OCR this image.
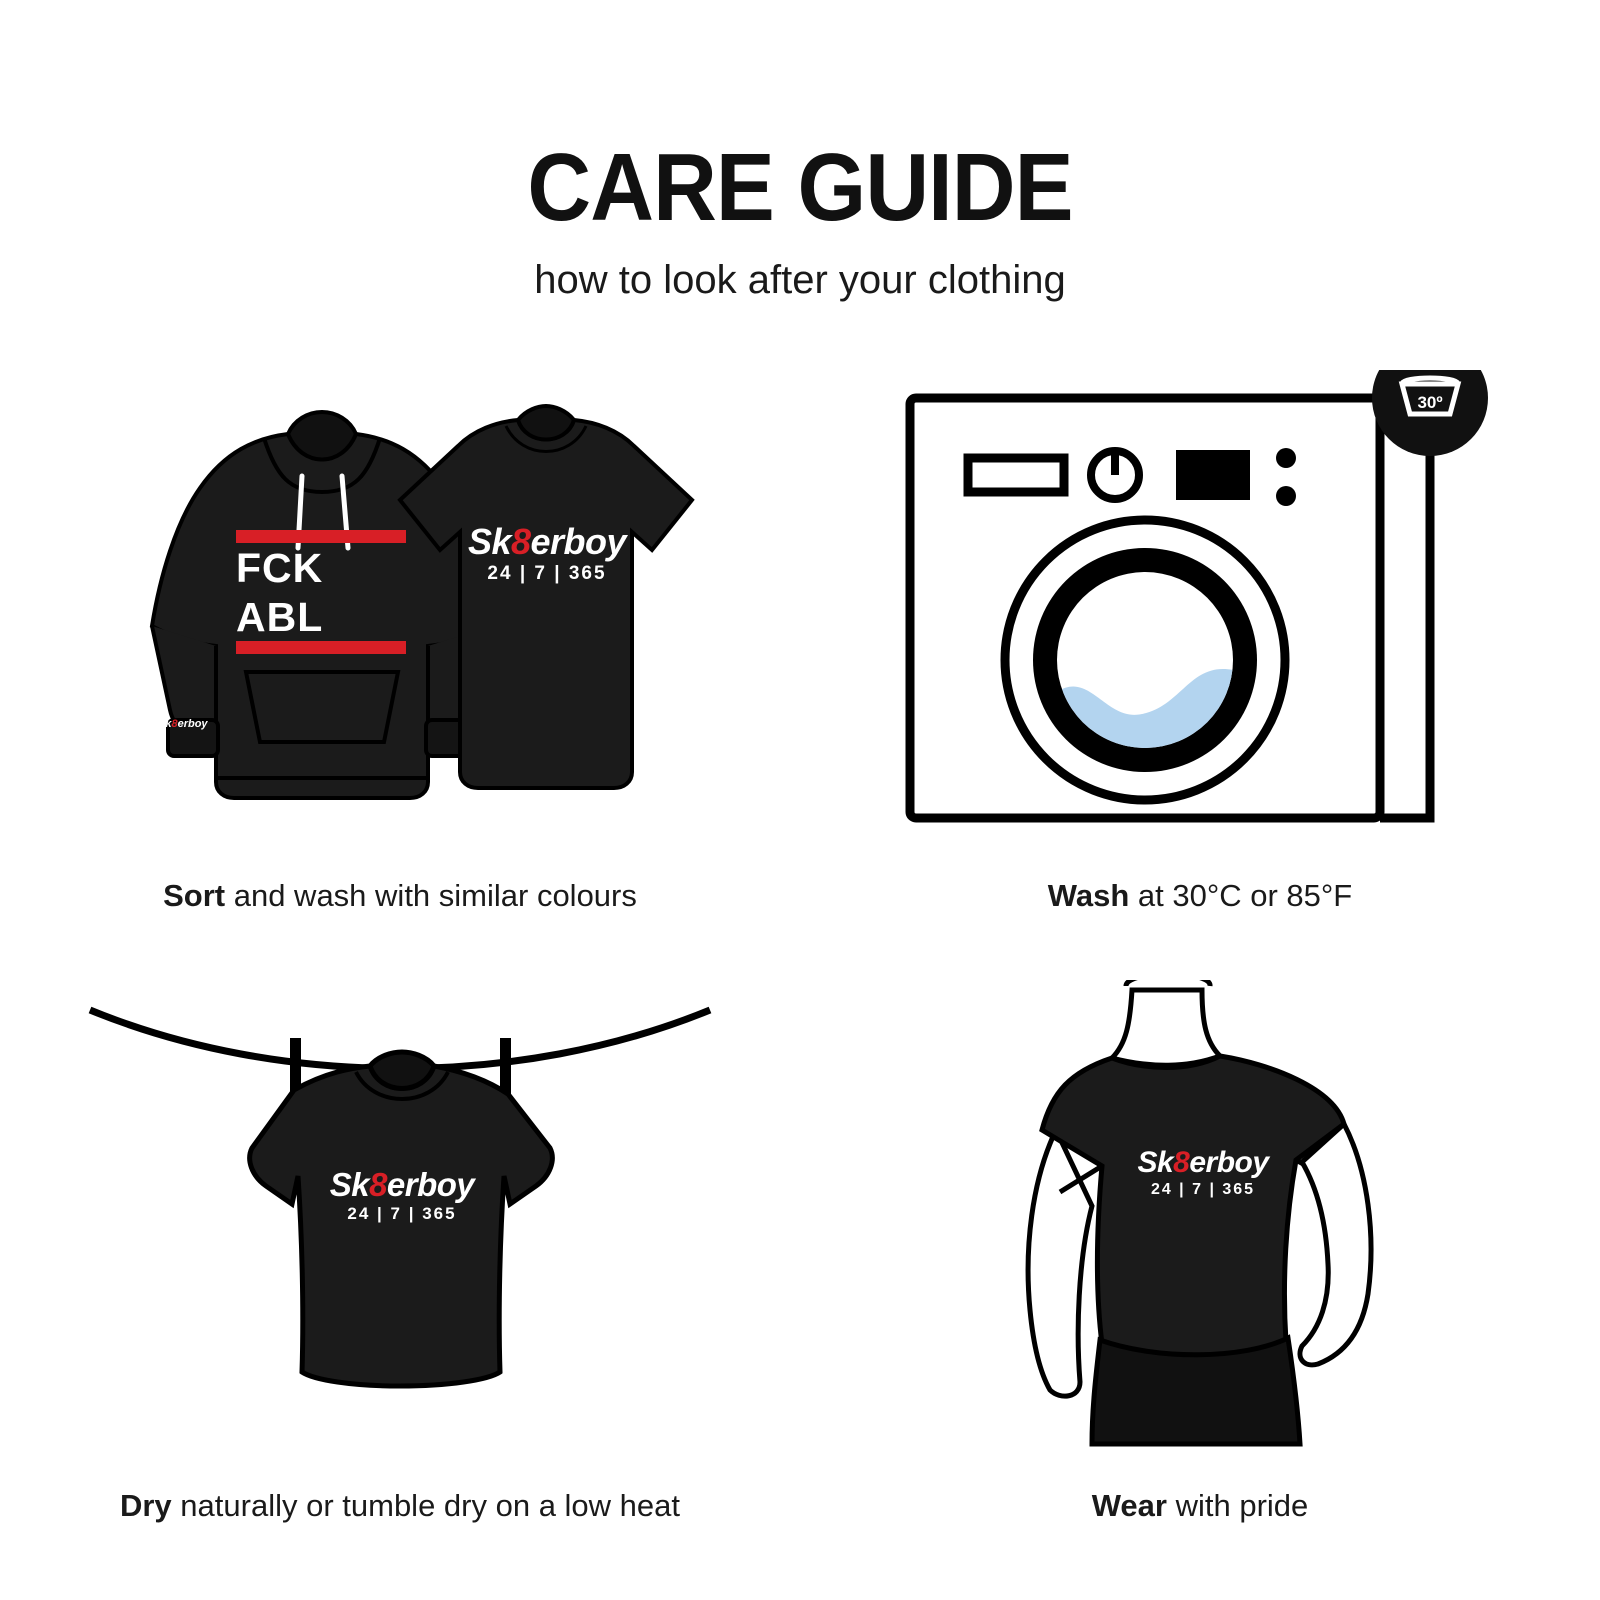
CARE GUIDE

how to look after your clothing

Sk8erboy
FCK
ABL
Sk8erboy
24 | 7 | 365
Sort and wash with similar colours
30º
Wash at 30°C or 85°F
Sk8erboy
24 | 7 | 365
Dry naturally or tumble dry on a low heat
Sk8erboy
24 | 7 | 365
Wear with pride
